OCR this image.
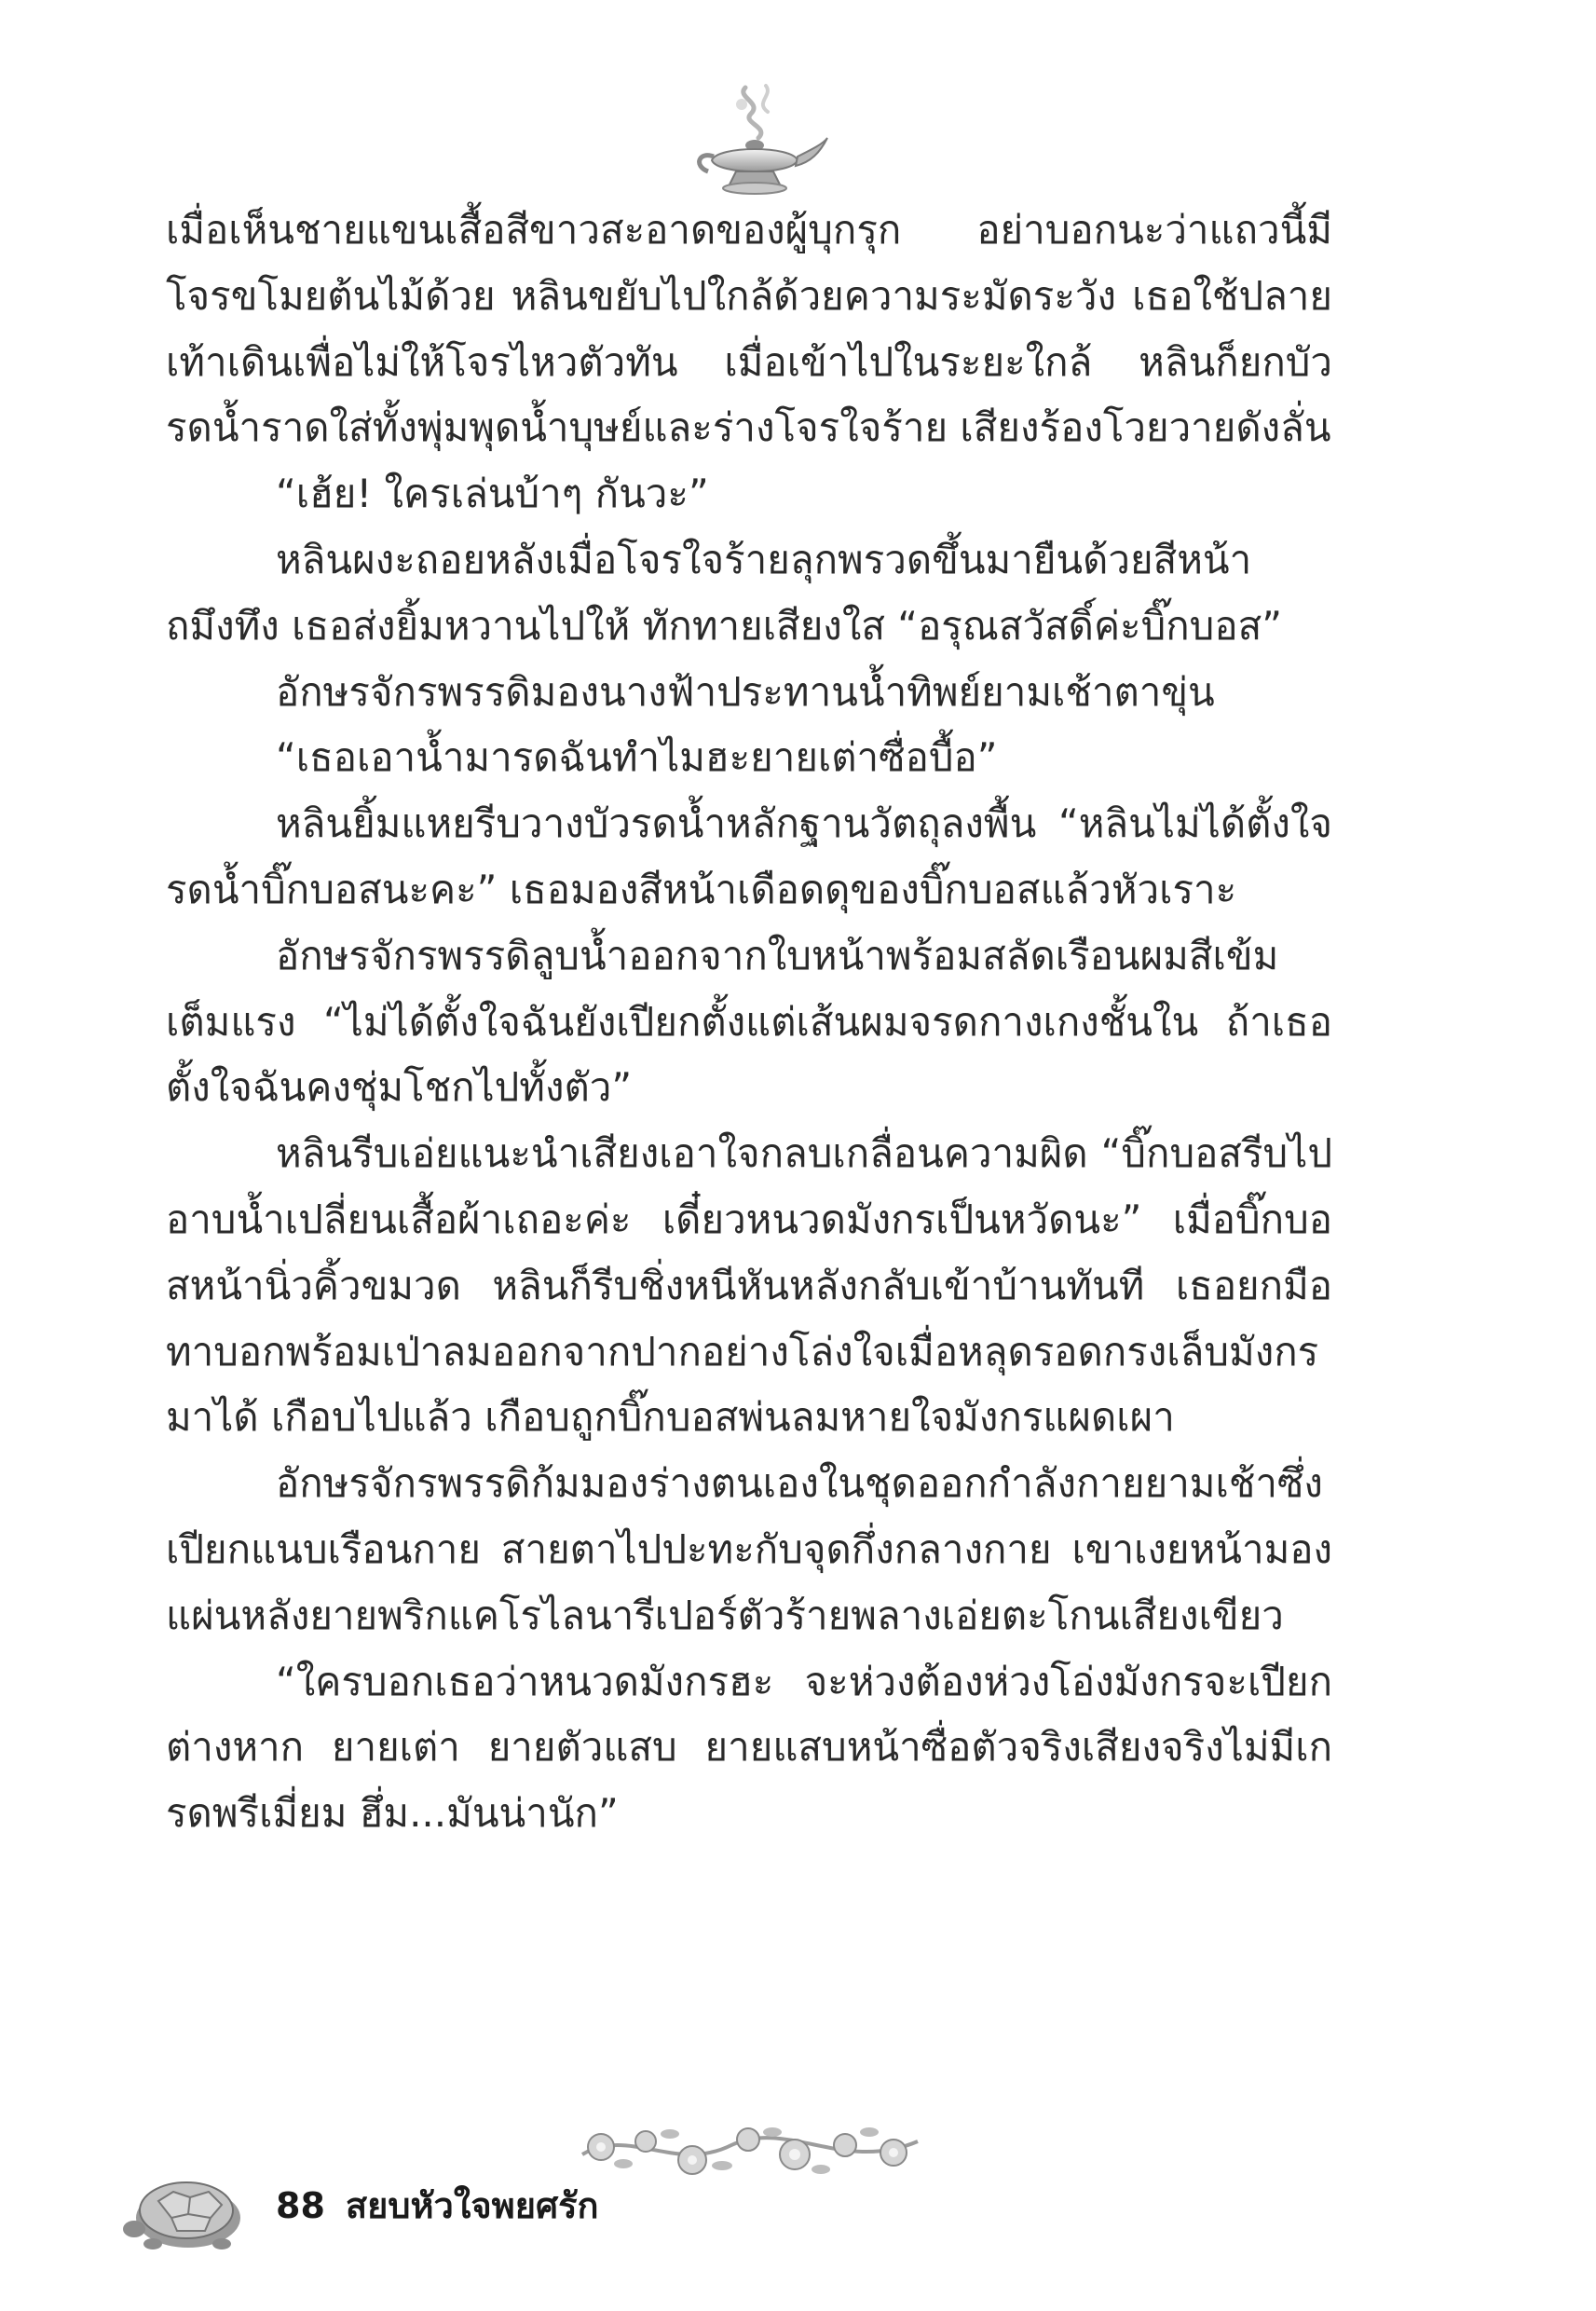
เมื่อเห็นชายแขนเสื้อสีขาวสะอาดของผู้บุกรุก อย่าบอกนะว่าแถวนี้มีโจรขโมยต้นไม้ด้วย หลินขยับไปใกล้ด้วยความระมัดระวัง เธอใช้ปลายเท้าเดินเพื่อไม่ให้โจรไหวตัวทัน เมื่อเข้าไปในระยะใกล้ หลินก็ยกบัวรดน้ำราดใส่ทั้งพุ่มพุดน้ำบุษย์และร่างโจรใจร้าย เสียงร้องโวยวายดังลั่น

“เฮ้ย! ใครเล่นบ้าๆ กันวะ”

หลินผงะถอยหลังเมื่อโจรใจร้ายลุกพรวดขึ้นมายืนด้วยสีหน้าถมึงทึง เธอส่งยิ้มหวานไปให้ ทักทายเสียงใส “อรุณสวัสดิ์ค่ะบิ๊กบอส”

อักษรจักรพรรดิมองนางฟ้าประทานน้ำทิพย์ยามเช้าตาขุ่น

“เธอเอาน้ำมารดฉันทำไมฮะยายเต่าซื่อบื้อ”

หลินยิ้มแหยรีบวางบัวรดน้ำหลักฐานวัตถุลงพื้น “หลินไม่ได้ตั้งใจรดน้ำบิ๊กบอสนะคะ” เธอมองสีหน้าเดือดดุของบิ๊กบอสแล้วหัวเราะ

อักษรจักรพรรดิลูบน้ำออกจากใบหน้าพร้อมสลัดเรือนผมสีเข้มเต็มแรง “ไม่ได้ตั้งใจฉันยังเปียกตั้งแต่เส้นผมจรดกางเกงชั้นใน ถ้าเธอตั้งใจฉันคงชุ่มโชกไปทั้งตัว”

หลินรีบเอ่ยแนะนำเสียงเอาใจกลบเกลื่อนความผิด “บิ๊กบอสรีบไปอาบน้ำเปลี่ยนเสื้อผ้าเถอะค่ะ เดี๋ยวหนวดมังกรเป็นหวัดนะ” เมื่อบิ๊กบอสหน้านิ่วคิ้วขมวด หลินก็รีบชิ่งหนีหันหลังกลับเข้าบ้านทันที เธอยกมือทาบอกพร้อมเป่าลมออกจากปากอย่างโล่งใจเมื่อหลุดรอดกรงเล็บมังกรมาได้ เกือบไปแล้ว เกือบถูกบิ๊กบอสพ่นลมหายใจมังกรแผดเผา

อักษรจักรพรรดิก้มมองร่างตนเองในชุดออกกำลังกายยามเช้าซึ่งเปียกแนบเรือนกาย สายตาไปปะทะกับจุดกึ่งกลางกาย เขาเงยหน้ามองแผ่นหลังยายพริกแคโรไลนารีเปอร์ตัวร้ายพลางเอ่ยตะโกนเสียงเขียว

“ใครบอกเธอว่าหนวดมังกรฮะ จะห่วงต้องห่วงโอ่งมังกรจะเปียกต่างหาก ยายเต่า ยายตัวแสบ ยายแสบหน้าซื่อตัวจริงเสียงจริงไม่มีเกรดพรีเมี่ยม ฮึ่ม...มันน่านัก”

88 สยบหัวใจพยศรัก
